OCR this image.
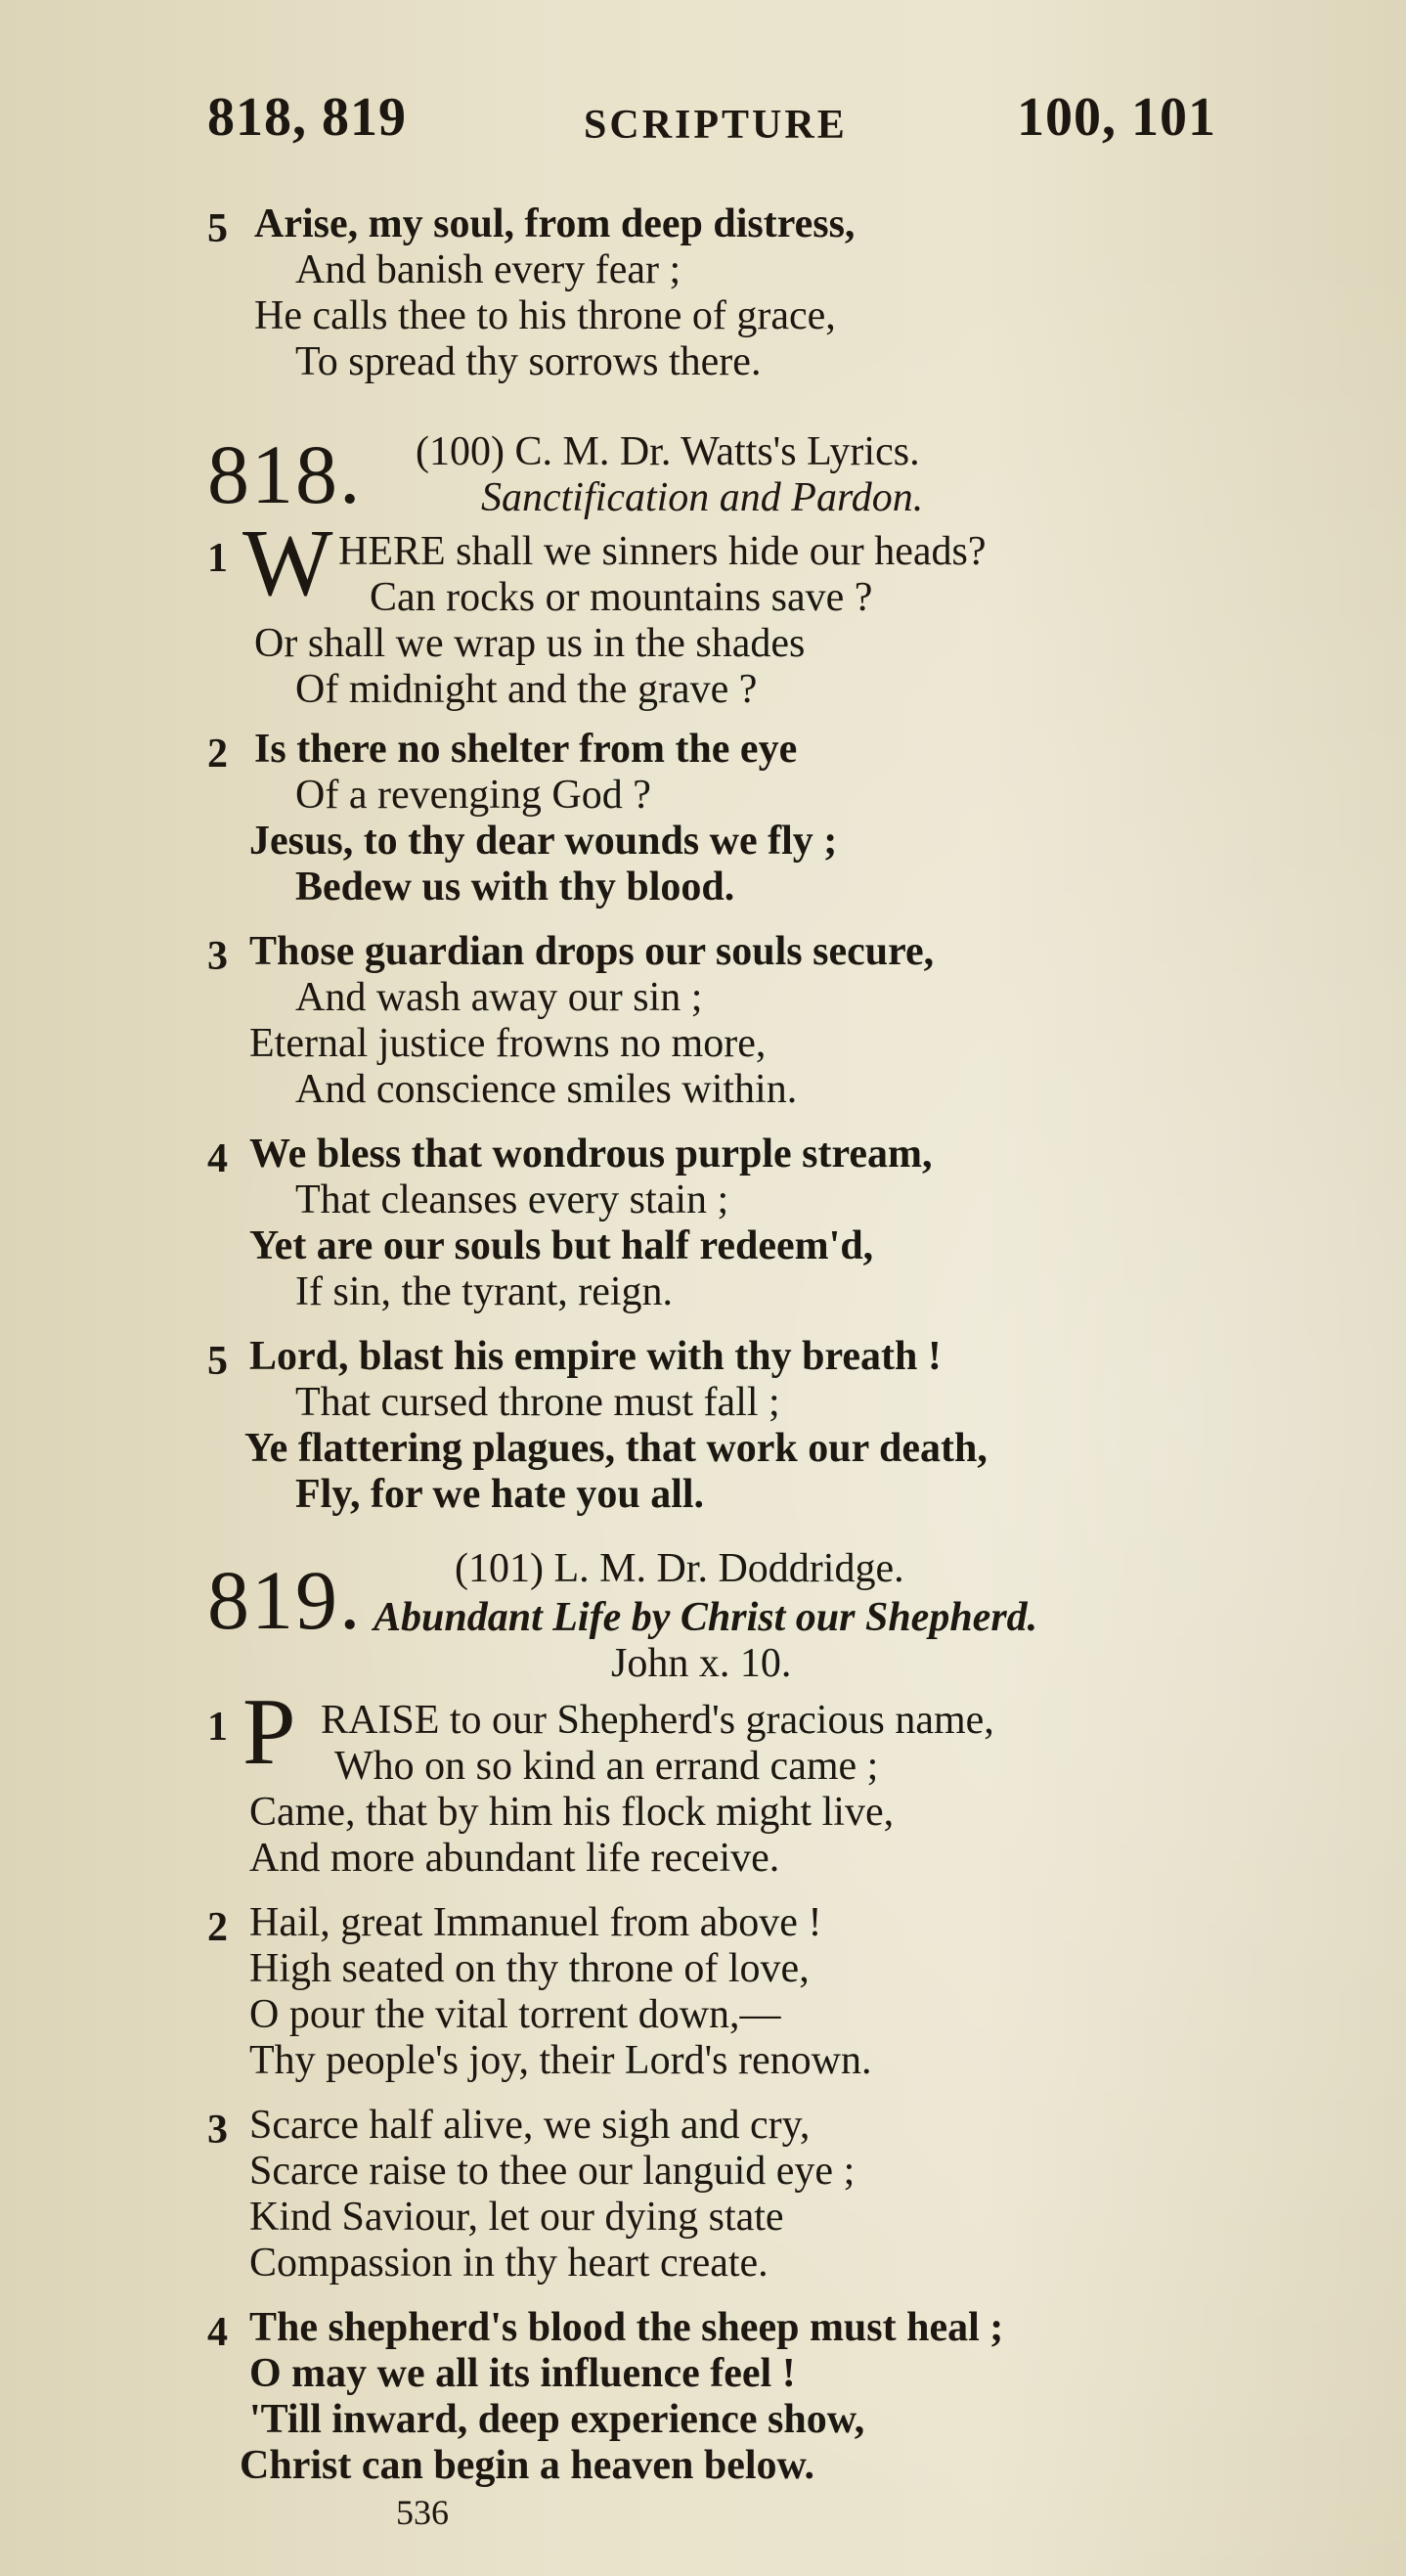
818, 819	SCRIPTURE	100, 101
5 Arise, my soul, from deep distress,
And banish every fear ;
He calls thee to his throne of grace,
To spread thy sorrows there.
818. (100) C. M. Dr. Watts's Lyrics.
Sanctification and Pardon.
1 W HERE shall we sinners hide our heads?
Can rocks or mountains save ?
Or shall we wrap us in the shades
Of midnight and the grave ?
2 Is there no shelter from the eye
Of a revenging God ?
Jesus, to thy dear wounds we fly ;
Bedew us with thy blood.
3 Those guardian drops our souls secure,
And wash away our sin ;
Eternal justice frowns no more,
And conscience smiles within.
4 We bless that wondrous purple stream,
That cleanses every stain ;
Yet are our souls but half redeem'd,
If sin, the tyrant, reign.
5 Lord, blast his empire with thy breath !
That cursed throne must fall ;
Ye flattering plagues, that work our death,
Fly, for we hate you all.
819. (101) L. M. Dr. Doddridge.
Abundant Life by Christ our Shepherd.
John x. 10.
1 P RAISE to our Shepherd's gracious name,
Who on so kind an errand came ;
Came, that by him his flock might live,
And more abundant life receive.
2 Hail, great Immanuel from above !
High seated on thy throne of love,
O pour the vital torrent down,—
Thy people's joy, their Lord's renown.
3 Scarce half alive, we sigh and cry,
Scarce raise to thee our languid eye ;
Kind Saviour, let our dying state
Compassion in thy heart create.
4 The shepherd's blood the sheep must heal ;
O may we all its influence feel !
'Till inward, deep experience show,
Christ can begin a heaven below.
536
